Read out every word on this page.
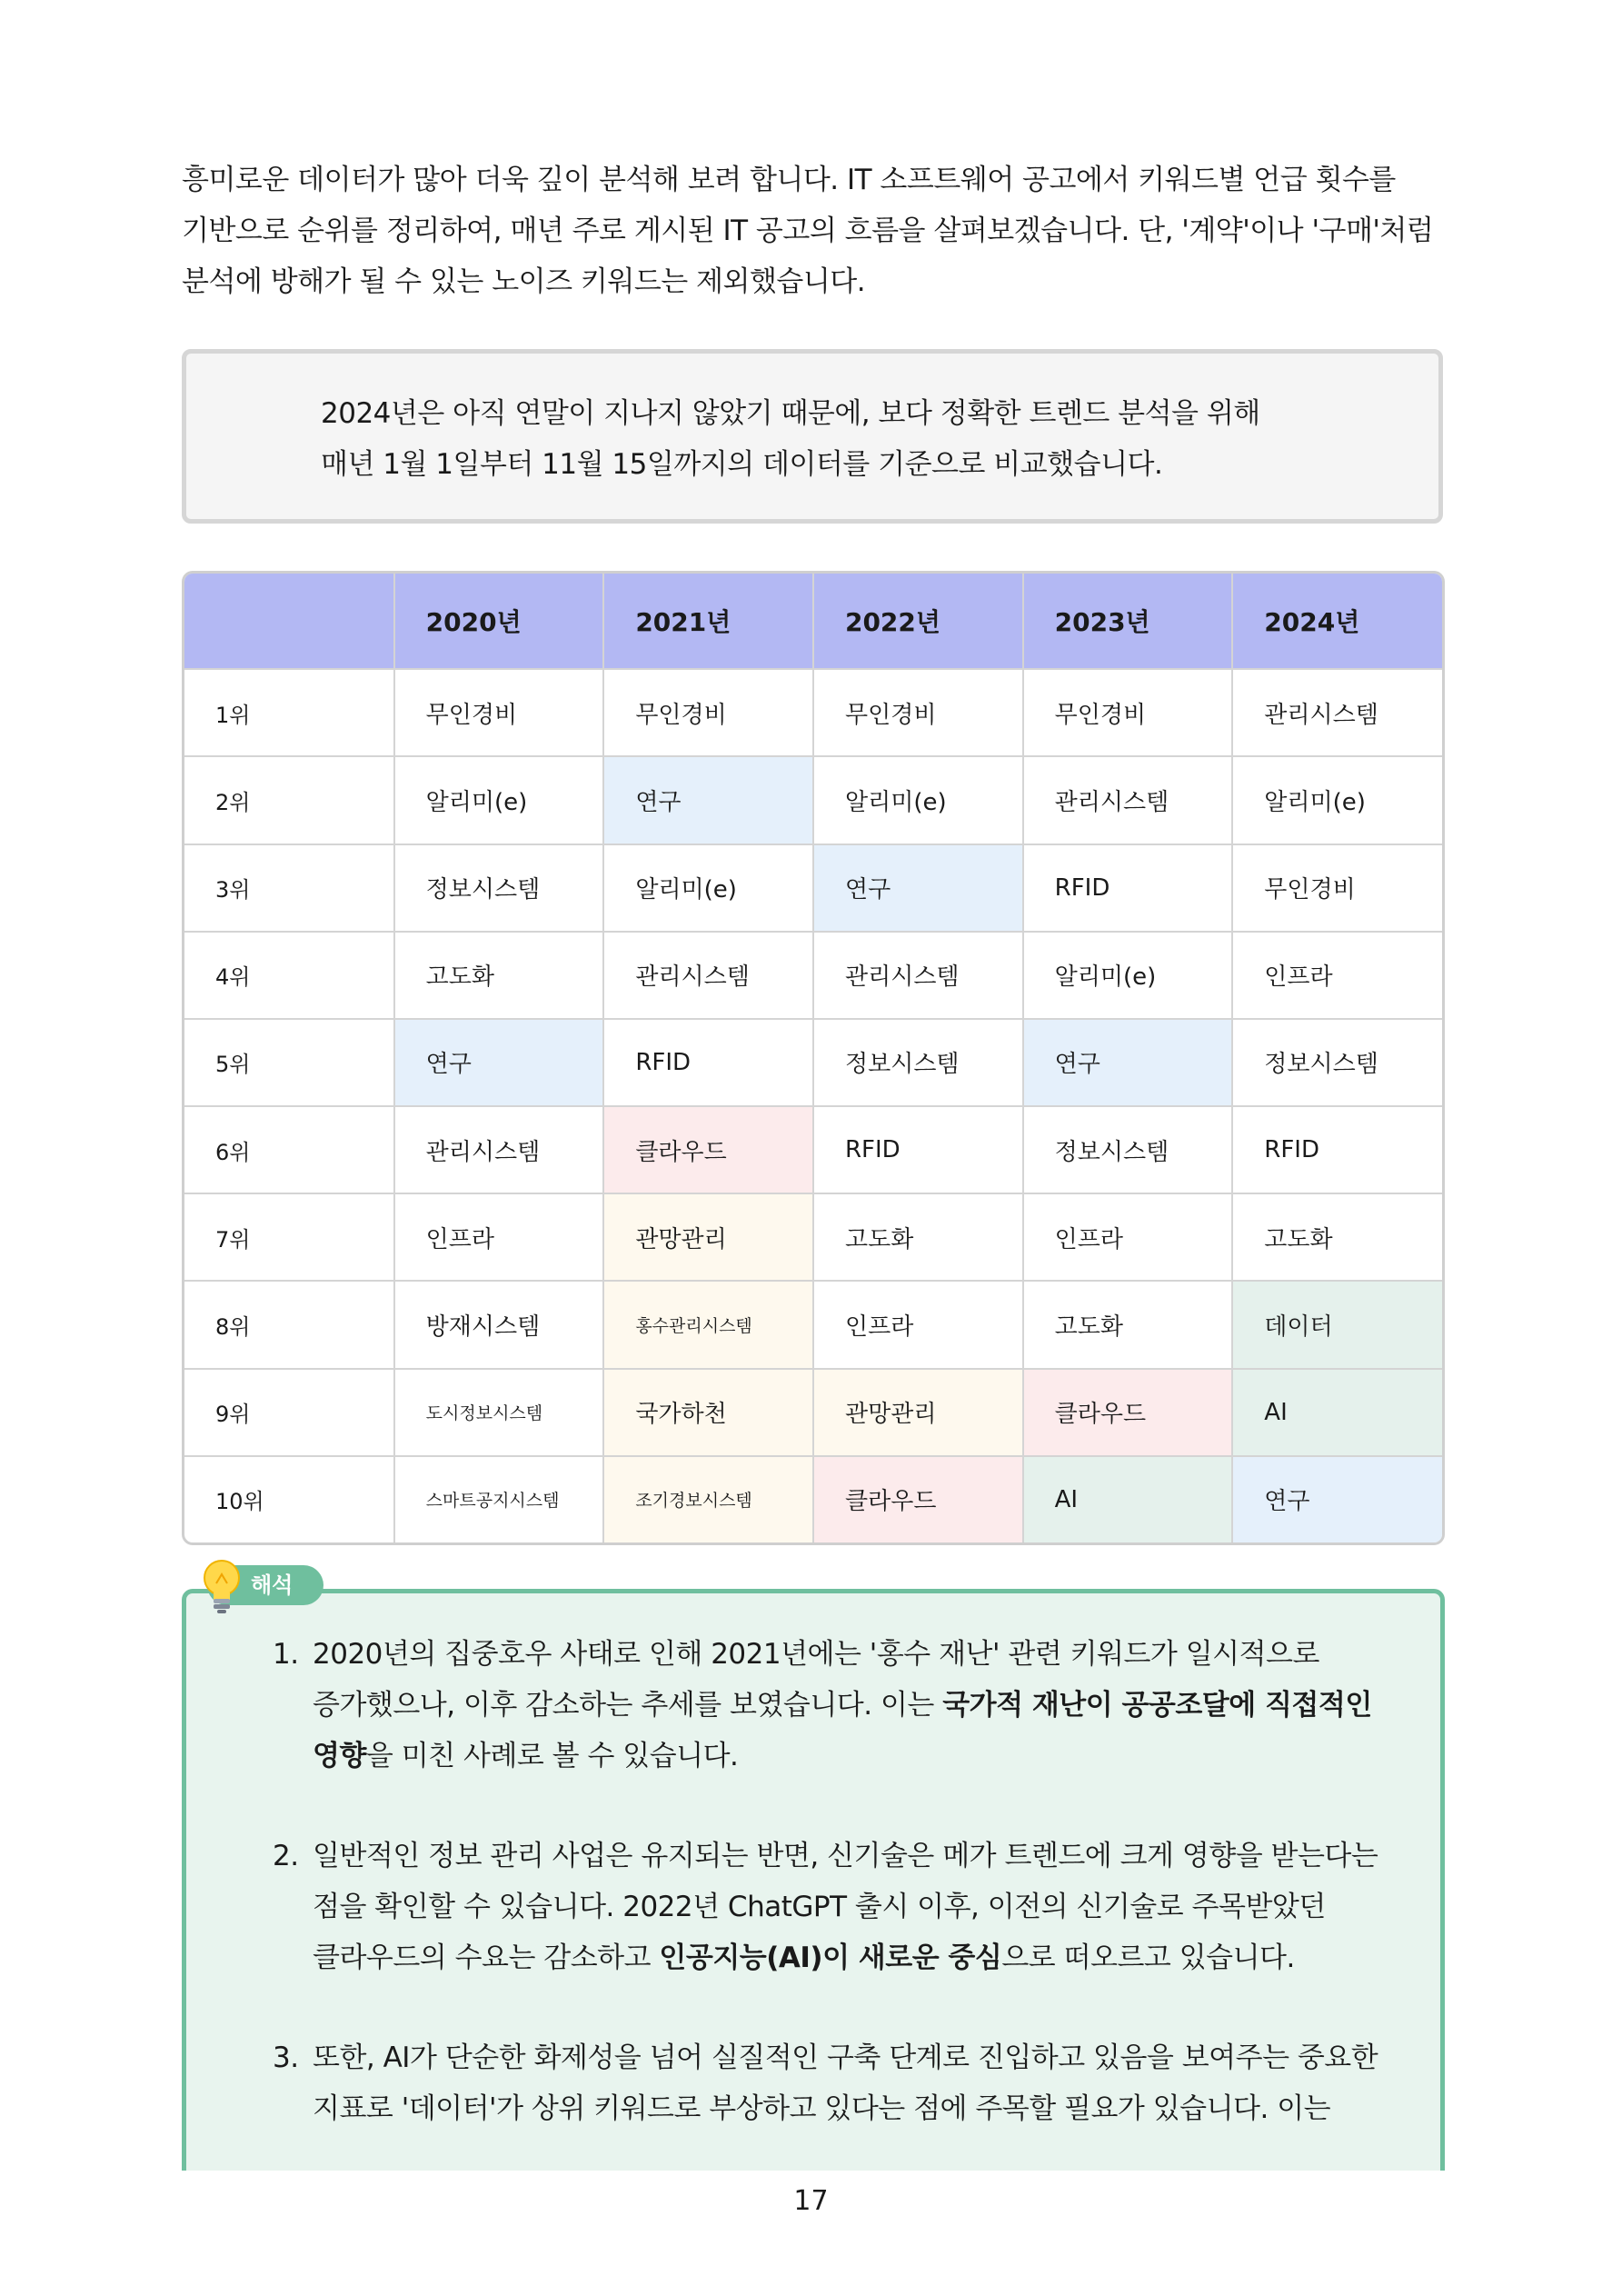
흥미로운 데이터가 많아 더욱 깊이 분석해 보려 합니다. IT 소프트웨어 공고에서 키워드별 언급 횟수를
기반으로 순위를 정리하여, 매년 주로 게시된 IT 공고의 흐름을 살펴보겠습니다. 단, '계약'이나 '구매'처럼
분석에 방해가 될 수 있는 노이즈 키워드는 제외했습니다.

2024년은 아직 연말이 지나지 않았기 때문에, 보다 정확한 트렌드 분석을 위해
매년 1월 1일부터 11월 15일까지의 데이터를 기준으로 비교했습니다.

	2020년	2021년	2022년	2023년	2024년
1위	무인경비	무인경비	무인경비	무인경비	관리시스템
2위	알리미(e)	연구	알리미(e)	관리시스템	알리미(e)
3위	정보시스템	알리미(e)	연구	RFID	무인경비
4위	고도화	관리시스템	관리시스템	알리미(e)	인프라
5위	연구	RFID	정보시스템	연구	정보시스템
6위	관리시스템	클라우드	RFID	정보시스템	RFID
7위	인프라	관망관리	고도화	인프라	고도화
8위	방재시스템	홍수관리시스템	인프라	고도화	데이터
9위	도시정보시스템	국가하천	관망관리	클라우드	AI
10위	스마트공지시스템	조기경보시스템	클라우드	AI	연구
해석
1. 2020년의 집중호우 사태로 인해 2021년에는 '홍수 재난' 관련 키워드가 일시적으로
증가했으나, 이후 감소하는 추세를 보였습니다. 이는 국가적 재난이 공공조달에 직접적인
영향을 미친 사례로 볼 수 있습니다.
2. 일반적인 정보 관리 사업은 유지되는 반면, 신기술은 메가 트렌드에 크게 영향을 받는다는
점을 확인할 수 있습니다. 2022년 ChatGPT 출시 이후, 이전의 신기술로 주목받았던
클라우드의 수요는 감소하고 인공지능(AI)이 새로운 중심으로 떠오르고 있습니다.
3. 또한, AI가 단순한 화제성을 넘어 실질적인 구축 단계로 진입하고 있음을 보여주는 중요한
지표로 '데이터'가 상위 키워드로 부상하고 있다는 점에 주목할 필요가 있습니다. 이는
17
